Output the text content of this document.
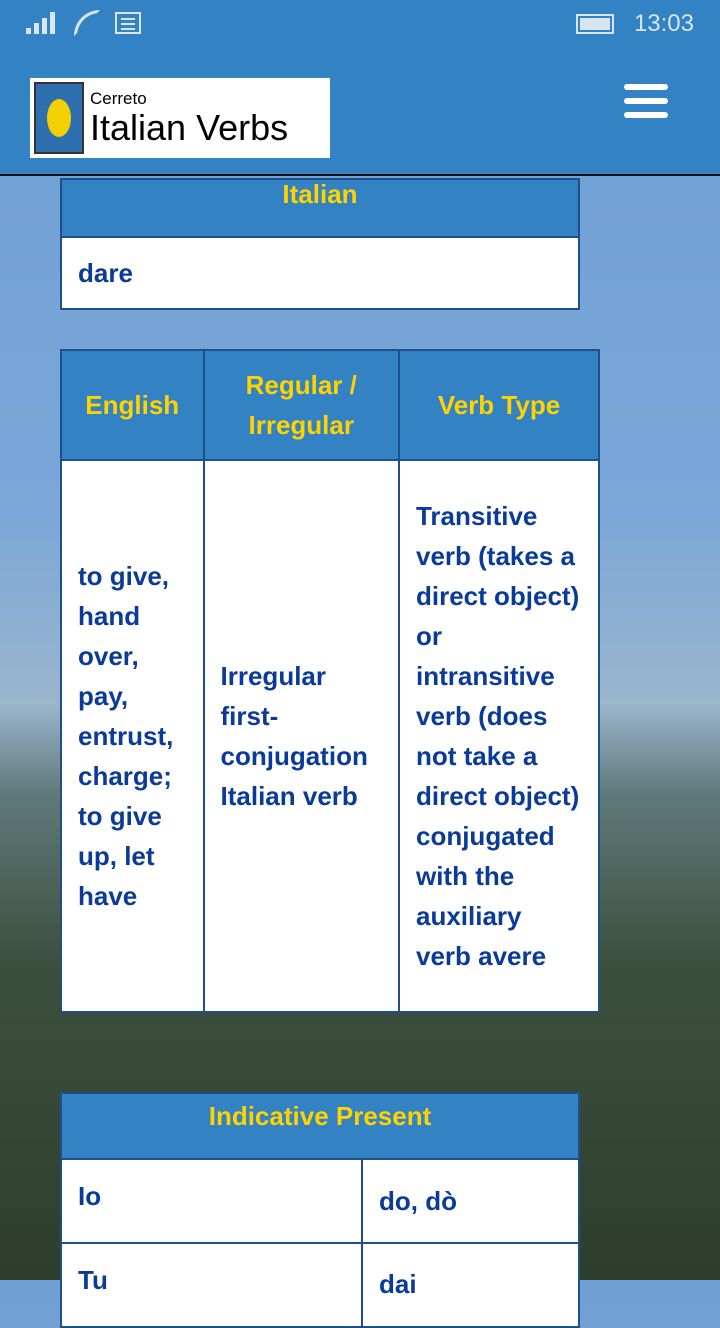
13:03
Cerreto
Italian Verbs
Italian
dare
English	Regular / Irregular	Verb Type
to give, hand over, pay, entrust, charge; to give up, let have	Irregular first-conjugation Italian verb	Transitive verb (takes a direct object) or intransitive verb (does not take a direct object) conjugated with the auxiliary verb avere
Indicative Present	
Io	do, dò
Tu	dai
